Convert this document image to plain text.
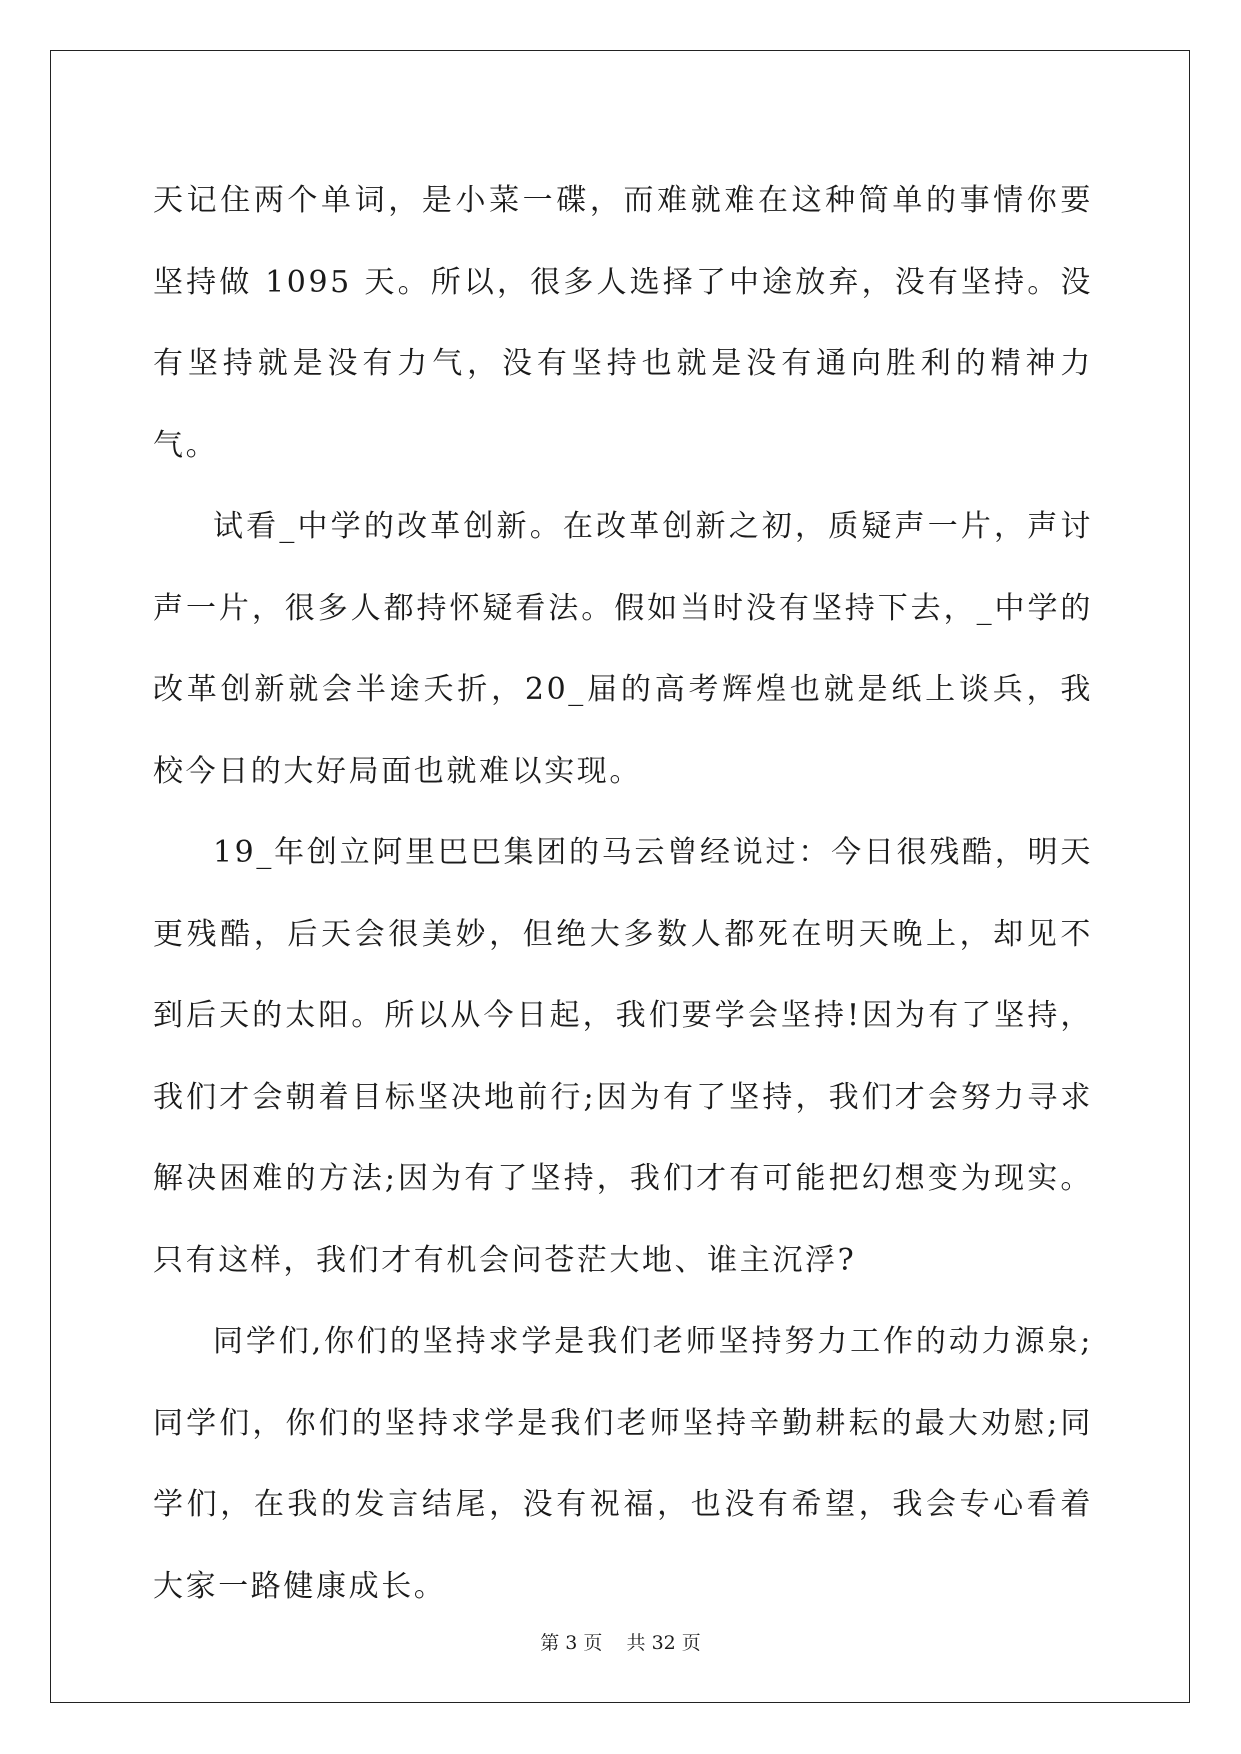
天记住两个单词，是小菜一碟，而难就难在这种简单的事情你要坚持做 1095 天。所以，很多人选择了中途放弃，没有坚持。没有坚持就是没有力气，没有坚持也就是没有通向胜利的精神力气。

试看_中学的改革创新。在改革创新之初，质疑声一片，声讨声一片，很多人都持怀疑看法。假如当时没有坚持下去，_中学的改革创新就会半途夭折，20_届的高考辉煌也就是纸上谈兵，我校今日的大好局面也就难以实现。

19_年创立阿里巴巴集团的马云曾经说过：今日很残酷，明天更残酷，后天会很美妙，但绝大多数人都死在明天晚上，却见不到后天的太阳。所以从今日起，我们要学会坚持!因为有了坚持，我们才会朝着目标坚决地前行;因为有了坚持，我们才会努力寻求解决困难的方法;因为有了坚持，我们才有可能把幻想变为现实。只有这样，我们才有机会问苍茫大地、谁主沉浮?

同学们,你们的坚持求学是我们老师坚持努力工作的动力源泉;同学们，你们的坚持求学是我们老师坚持辛勤耕耘的最大劝慰;同学们，在我的发言结尾，没有祝福，也没有希望，我会专心看着大家一路健康成长。

第 3 页 共 32 页
